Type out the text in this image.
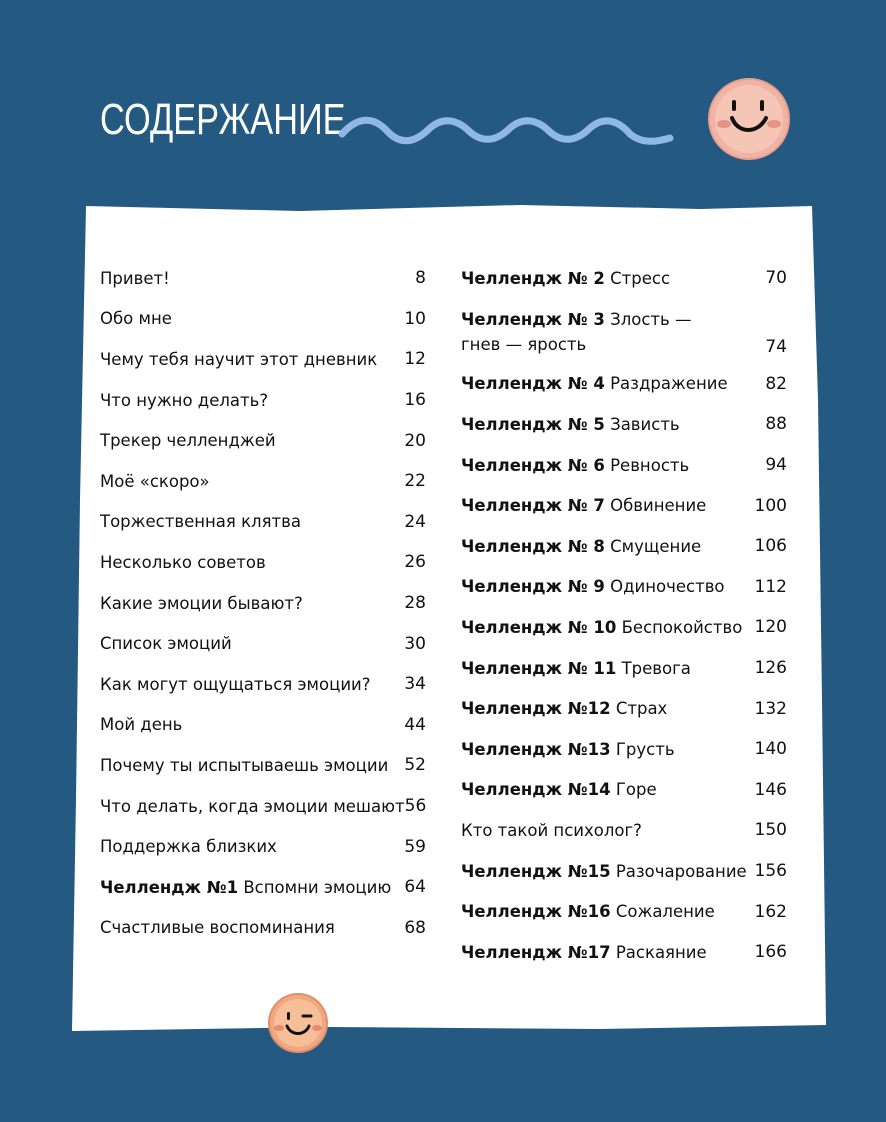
СОДЕРЖАНИЕ
Привет!	8
Обо мне	10
Чему тебя научит этот дневник 12
Что нужно делать?	16
Трекер челленджей	20
Моё «скоро»	22
Торжественная клятва	24
Несколько советов	26
Какие эмоции бывают?	28
Список эмоций	30
Как могут ощущаться эмоции? 34
Мой день	44
Почему ты испытываешь эмоции 52
Что делать, когда эмоции мешают 56
Поддержка близких	59
Челлендж №1 Вспомни эмоцию 64
Счастливые воспоминания	68
Челлендж № 2 Стресс	70
Челлендж № 3 Злость — гнев — ярость	74
Челлендж № 4 Раздражение 82
Челлендж № 5 Зависть	88
Челлендж № 6 Ревность	94
Челлендж № 7 Обвинение	100
Челлендж № 8 Смущение	106
Челлендж № 9 Одиночество 112
Челлендж № 10 Беспокойство 120
Челлендж № 11 Тревога	126
Челлендж №12 Страх	132
Челлендж №13 Грусть	140
Челлендж №14 Горе	146
Кто такой психолог?	150
Челлендж №15 Разочарование 156
Челлендж №16 Сожаление 162
Челлендж №17 Раскаяние	166
